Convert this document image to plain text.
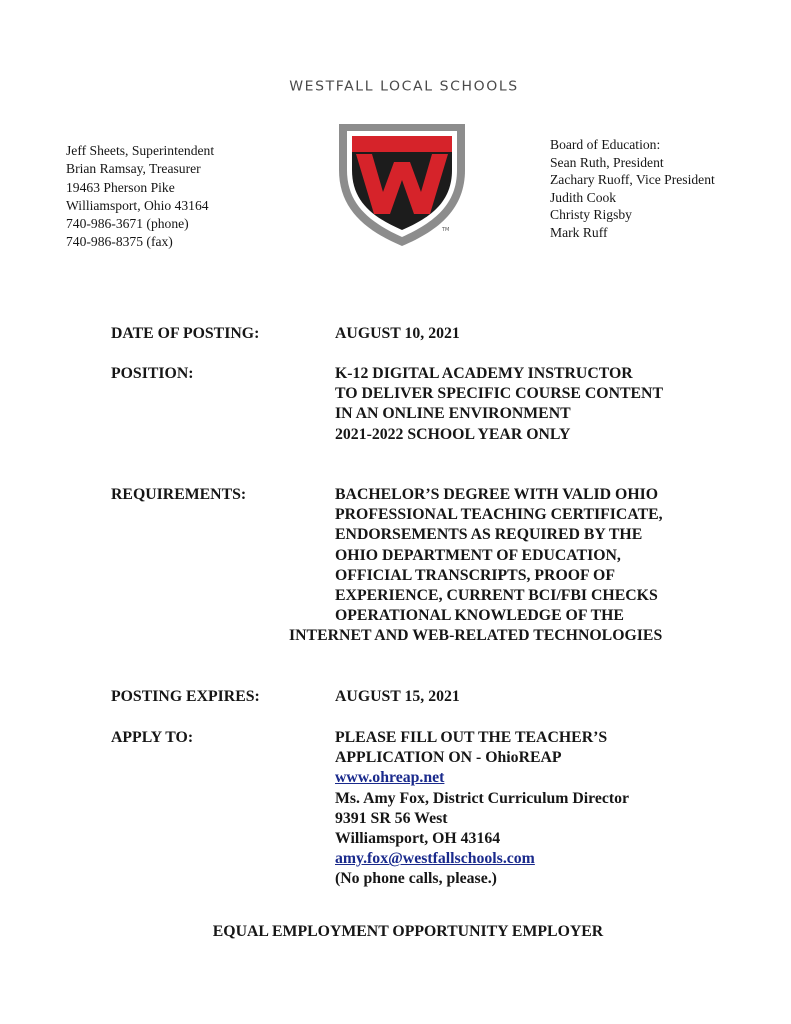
WESTFALL LOCAL SCHOOLS
Jeff Sheets, Superintendent
Brian Ramsay, Treasurer
19463 Pherson Pike
Williamsport, Ohio 43164
740-986-3671 (phone)
740-986-8375 (fax)
TM
Board of Education:
Sean Ruth, President
Zachary Ruoff, Vice President
Judith Cook
Christy Rigsby
Mark Ruff
DATE OF POSTING:	AUGUST 10, 2021
POSITION:	K-12 DIGITAL ACADEMY INSTRUCTOR
TO DELIVER SPECIFIC COURSE CONTENT
IN AN ONLINE ENVIRONMENT
2021-2022 SCHOOL YEAR ONLY
REQUIREMENTS:	BACHELOR’S DEGREE WITH VALID OHIO
PROFESSIONAL TEACHING CERTIFICATE,
ENDORSEMENTS AS REQUIRED BY THE
OHIO DEPARTMENT OF EDUCATION,
OFFICIAL TRANSCRIPTS, PROOF OF
EXPERIENCE, CURRENT BCI/FBI CHECKS
OPERATIONAL KNOWLEDGE OF THE
INTERNET AND WEB-RELATED TECHNOLOGIES
POSTING EXPIRES:	AUGUST 15, 2021
APPLY TO:	PLEASE FILL OUT THE TEACHER’S
APPLICATION ON - OhioREAP
www.ohreap.net
Ms. Amy Fox, District Curriculum Director
9391 SR 56 West
Williamsport, OH 43164
amy.fox@westfallschools.com
(No phone calls, please.)
EQUAL EMPLOYMENT OPPORTUNITY EMPLOYER
